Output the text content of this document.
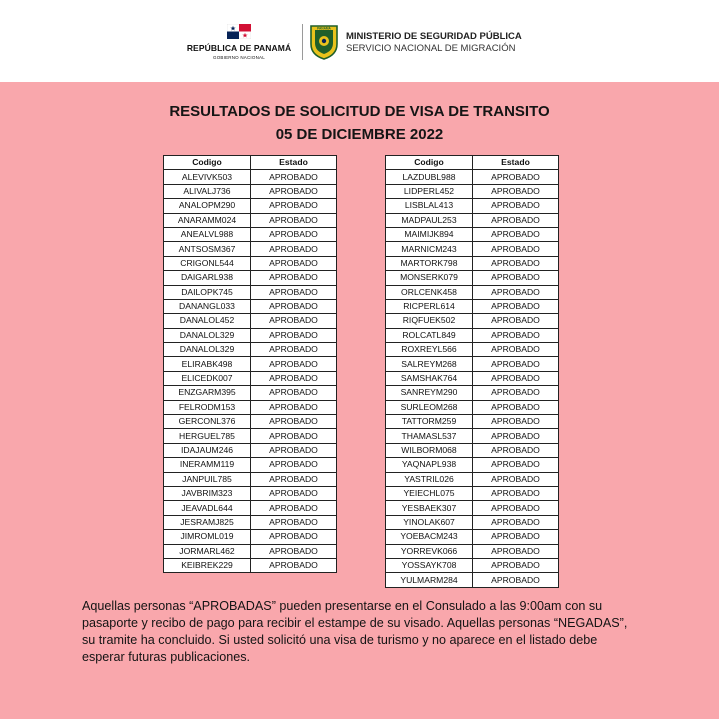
REPÚBLICA DE PANAMÁ
GOBIERNO NACIONAL
PANAMÁ
MINISTERIO DE SEGURIDAD PÚBLICA
SERVICIO NACIONAL DE MIGRACIÓN
RESULTADOS DE SOLICITUD DE VISA DE TRANSITO
05 DE DICIEMBRE 2022
Codigo	Estado
ALEVIVK503	APROBADO
ALIVALJ736	APROBADO
ANALOPM290	APROBADO
ANARAMM024	APROBADO
ANEALVL988	APROBADO
ANTSOSM367	APROBADO
CRIGONL544	APROBADO
DAIGARL938	APROBADO
DAILOPK745	APROBADO
DANANGL033	APROBADO
DANALOL452	APROBADO
DANALOL329	APROBADO
DANALOL329	APROBADO
ELIRABK498	APROBADO
ELICEDK007	APROBADO
ENZGARM395	APROBADO
FELRODM153	APROBADO
GERCONL376	APROBADO
HERGUEL785	APROBADO
IDAJAUM246	APROBADO
INERAMM119	APROBADO
JANPUIL785	APROBADO
JAVBRIM323	APROBADO
JEAVADL644	APROBADO
JESRAMJ825	APROBADO
JIMROML019	APROBADO
JORMARL462	APROBADO
KEIBREK229	APROBADO
Codigo	Estado
LAZDUBL988	APROBADO
LIDPERL452	APROBADO
LISBLAL413	APROBADO
MADPAUL253	APROBADO
MAIMIJK894	APROBADO
MARNICM243	APROBADO
MARTORK798	APROBADO
MONSERK079	APROBADO
ORLCENK458	APROBADO
RICPERL614	APROBADO
RIQFUEK502	APROBADO
ROLCATL849	APROBADO
ROXREYL566	APROBADO
SALREYM268	APROBADO
SAMSHAK764	APROBADO
SANREYM290	APROBADO
SURLEOM268	APROBADO
TATTORM259	APROBADO
THAMASL537	APROBADO
WILBORM068	APROBADO
YAQNAPL938	APROBADO
YASTRIL026	APROBADO
YEIECHL075	APROBADO
YESBAEK307	APROBADO
YINOLAK607	APROBADO
YOEBACM243	APROBADO
YORREVK066	APROBADO
YOSSAYK708	APROBADO
YULMARM284	APROBADO
Aquellas personas “APROBADAS” pueden presentarse en el Consulado a las 9:00am con su pasaporte y recibo de pago para recibir el estampe de su visado. Aquellas personas “NEGADAS”, su tramite ha concluido. Si usted solicitó una visa de turismo y no aparece en el listado debe esperar futuras publicaciones.
